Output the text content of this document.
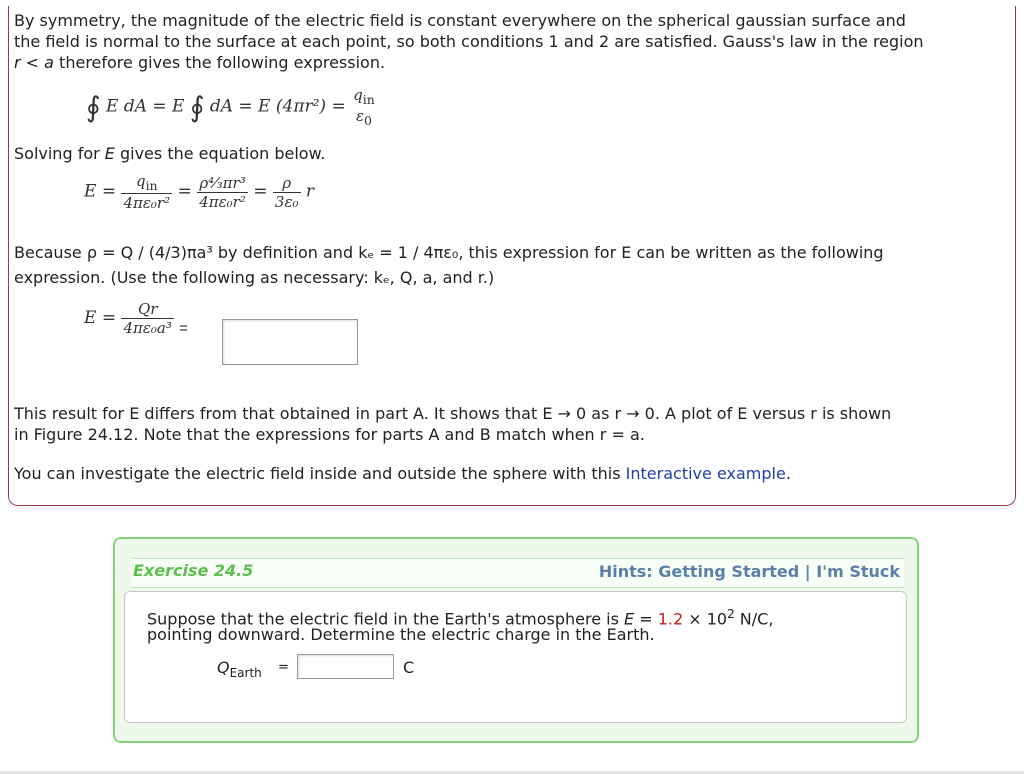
By symmetry, the magnitude of the electric field is constant everywhere on the spherical gaussian surface and
the field is normal to the surface at each point, so both conditions 1 and 2 are satisfied. Gauss's law in the region
r < a therefore gives the following expression.
∮ E dA = E ∮ dA = E (4πr²) =
$q_{in}$
$\varepsilon_0$
Solving for E gives the equation below.
$E = \frac{q_{in}}{\text{4πε₀r²}} = \frac{\text{ρ⁴⁄₃πr³}}{\text{4πε₀r²}} = \frac{\rho}{\text{3ε₀}}$ r
Because ρ = Q / (4/3)πa³ by definition and kₑ = 1 / 4πε₀, this expression for E can be written as the following
expression. (Use the following as necessary: kₑ, Q, a, and r.)
$E = \frac{Qr}{\text{4πε₀a³}}$ =
This result for E differs from that obtained in part A. It shows that E → 0 as r → 0. A plot of E versus r is shown
in Figure 24.12. Note that the expressions for parts A and B match when r = a.
You can investigate the electric field inside and outside the sphere with this Interactive example.
Exercise 24.5	Hints: Getting Started | I'm Stuck
Suppose that the electric field in the Earth's atmosphere is $E = 1.2 \times 10^2$ N/C,
pointing downward. Determine the electric charge in the Earth.
$Q_{Earth}$ =	C
